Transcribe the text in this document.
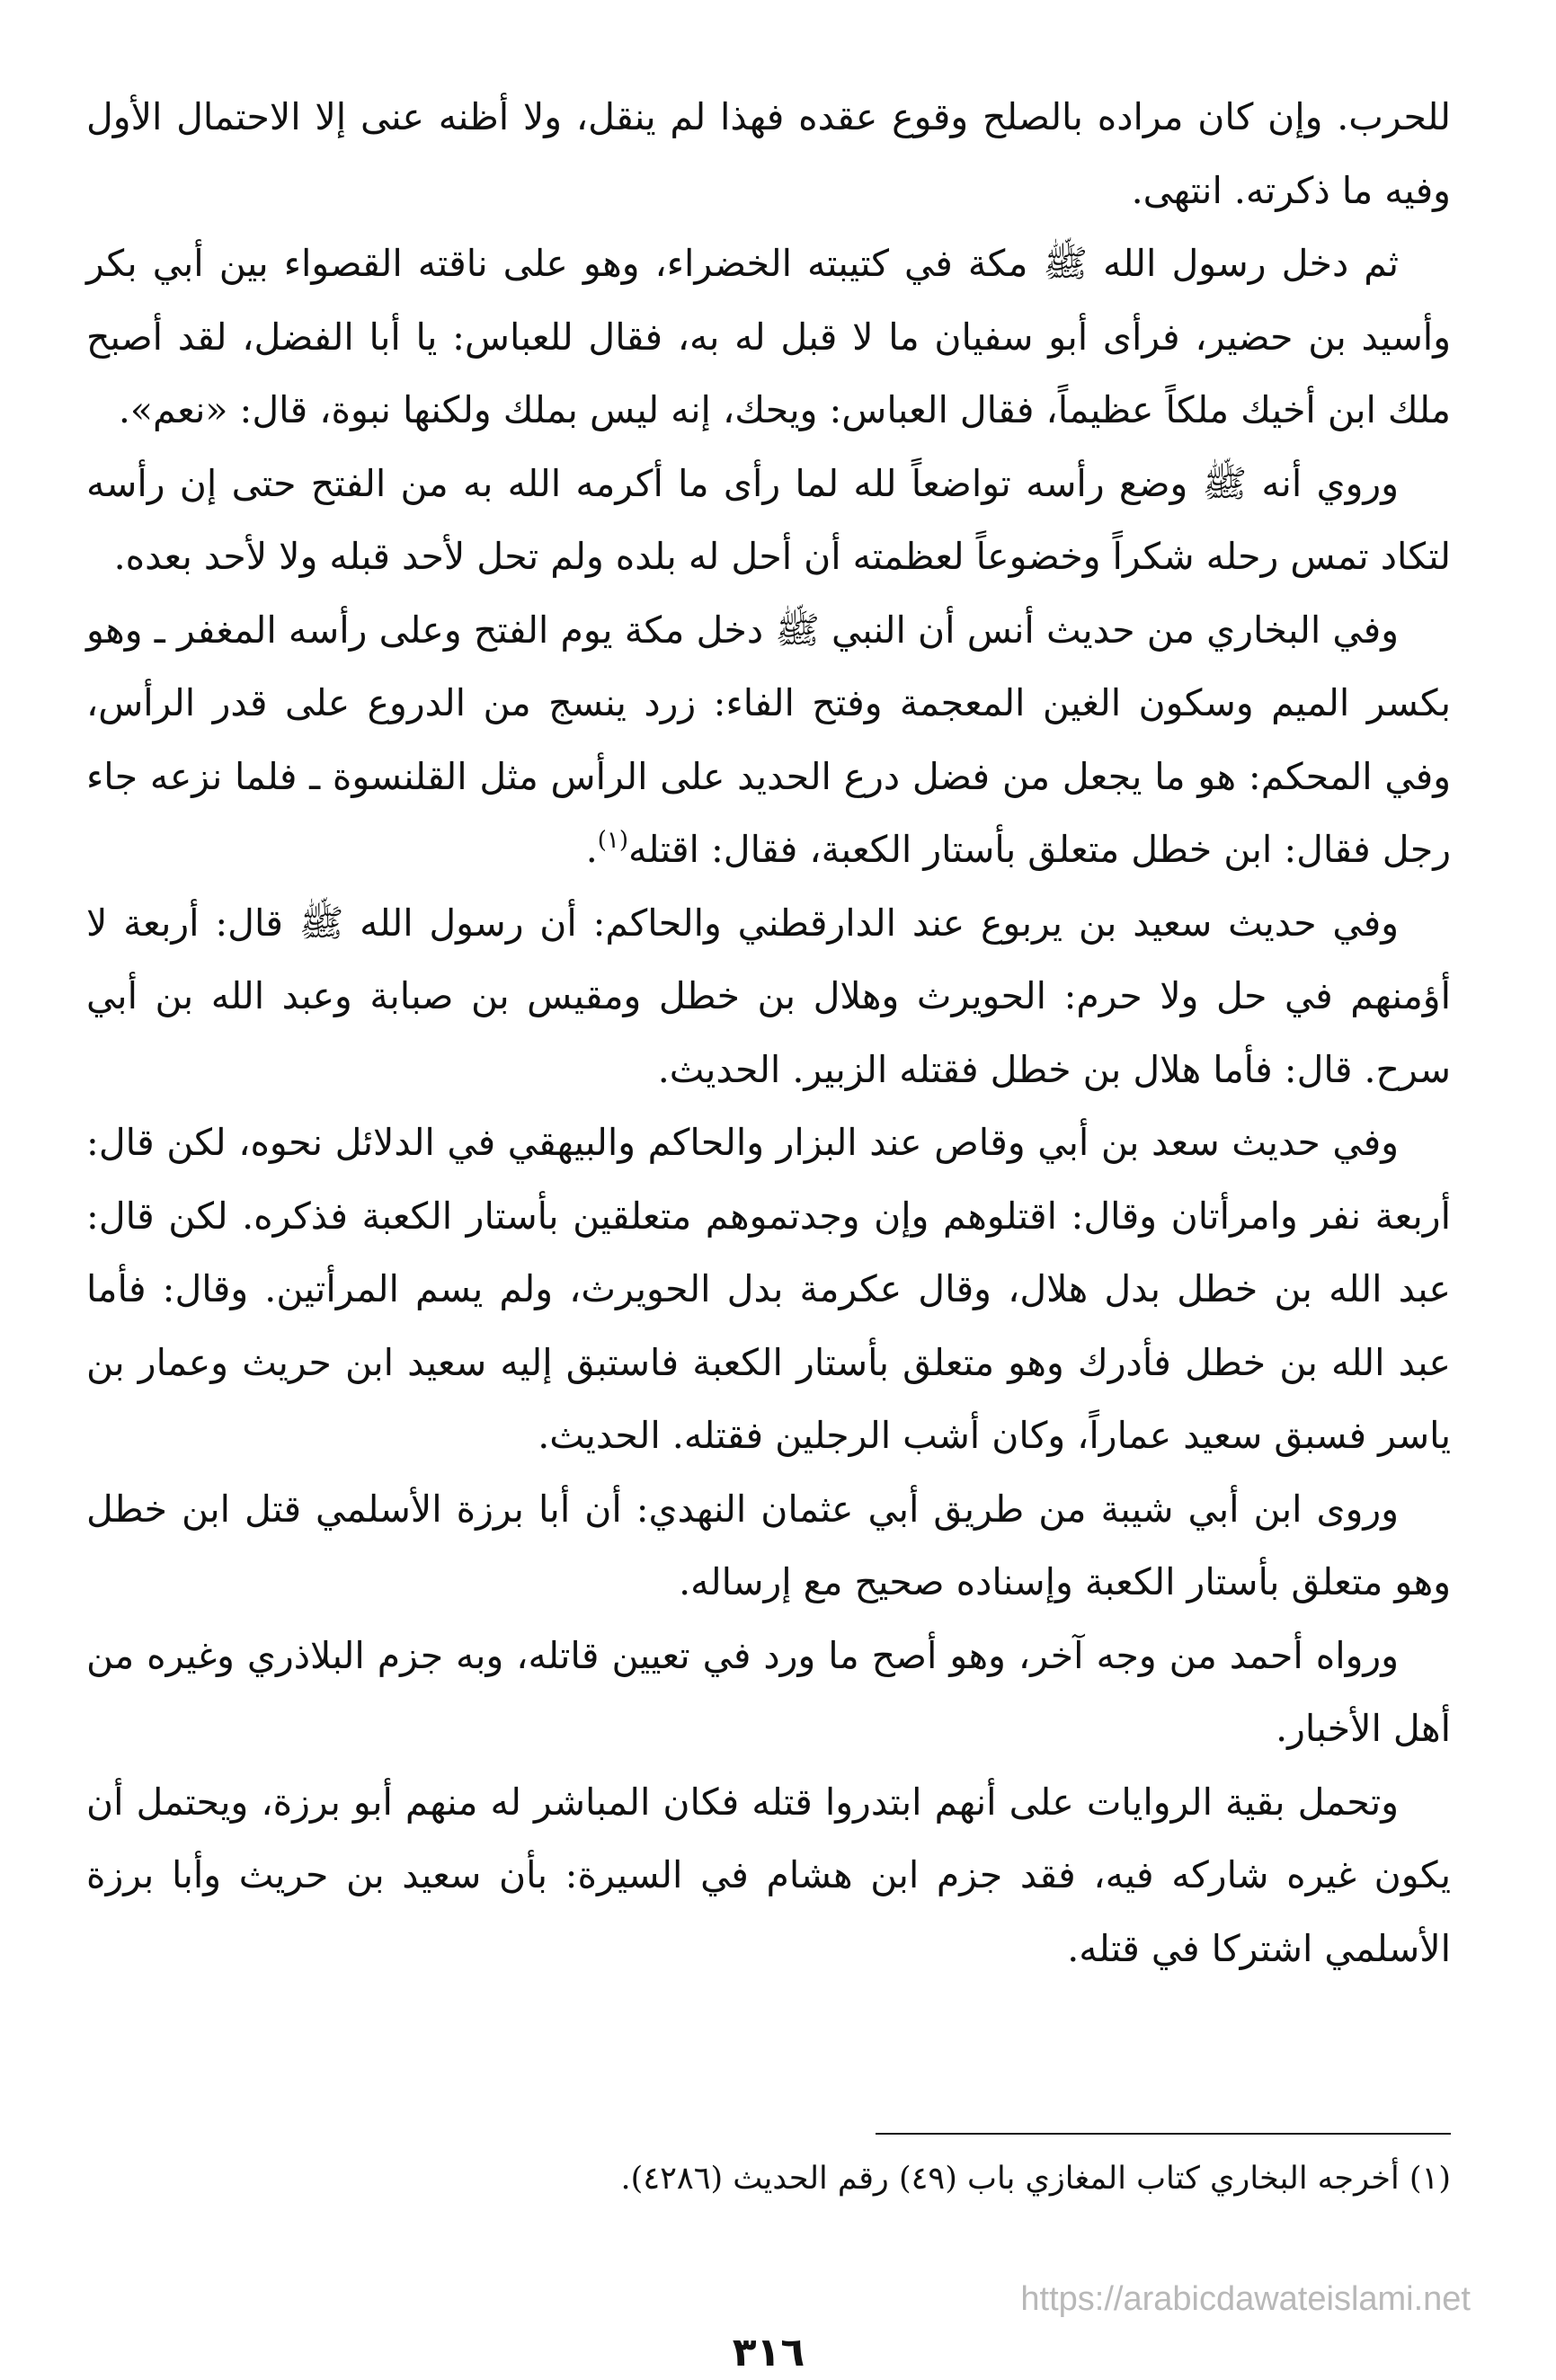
للحرب. وإن كان مراده بالصلح وقوع عقده فهذا لم ينقل، ولا أظنه عنى إلا الاحتمال الأول وفيه ما ذكرته. انتهى.

ثم دخل رسول الله ﷺ مكة في كتيبته الخضراء، وهو على ناقته القصواء بين أبي بكر وأسيد بن حضير، فرأى أبو سفيان ما لا قبل له به، فقال للعباس: يا أبا الفضل، لقد أصبح ملك ابن أخيك ملكاً عظيماً، فقال العباس: ويحك، إنه ليس بملك ولكنها نبوة، قال: «نعم».

وروي أنه ﷺ وضع رأسه تواضعاً لله لما رأى ما أكرمه الله به من الفتح حتى إن رأسه لتكاد تمس رحله شكراً وخضوعاً لعظمته أن أحل له بلده ولم تحل لأحد قبله ولا لأحد بعده.

وفي البخاري من حديث أنس أن النبي ﷺ دخل مكة يوم الفتح وعلى رأسه المغفر ـ وهو بكسر الميم وسكون الغين المعجمة وفتح الفاء: زرد ينسج من الدروع على قدر الرأس، وفي المحكم: هو ما يجعل من فضل درع الحديد على الرأس مثل القلنسوة ـ فلما نزعه جاء رجل فقال: ابن خطل متعلق بأستار الكعبة، فقال: اقتله$^{(١)}$.

وفي حديث سعيد بن يربوع عند الدارقطني والحاكم: أن رسول الله ﷺ قال: أربعة لا أؤمنهم في حل ولا حرم: الحويرث وهلال بن خطل ومقيس بن صبابة وعبد الله بن أبي سرح. قال: فأما هلال بن خطل فقتله الزبير. الحديث.

وفي حديث سعد بن أبي وقاص عند البزار والحاكم والبيهقي في الدلائل نحوه، لكن قال: أربعة نفر وامرأتان وقال: اقتلوهم وإن وجدتموهم متعلقين بأستار الكعبة فذكره. لكن قال: عبد الله بن خطل بدل هلال، وقال عكرمة بدل الحويرث، ولم يسم المرأتين. وقال: فأما عبد الله بن خطل فأدرك وهو متعلق بأستار الكعبة فاستبق إليه سعيد ابن حريث وعمار بن ياسر فسبق سعيد عماراً، وكان أشب الرجلين فقتله. الحديث.

وروى ابن أبي شيبة من طريق أبي عثمان النهدي: أن أبا برزة الأسلمي قتل ابن خطل وهو متعلق بأستار الكعبة وإسناده صحيح مع إرساله.

ورواه أحمد من وجه آخر، وهو أصح ما ورد في تعيين قاتله، وبه جزم البلاذري وغيره من أهل الأخبار.

وتحمل بقية الروايات على أنهم ابتدروا قتله فكان المباشر له منهم أبو برزة، ويحتمل أن يكون غيره شاركه فيه، فقد جزم ابن هشام في السيرة: بأن سعيد بن حريث وأبا برزة الأسلمي اشتركا في قتله.

(١) أخرجه البخاري كتاب المغازي باب (٤٩) رقم الحديث (٤٢٨٦).

٣١٦

https://arabicdawateislami.net
